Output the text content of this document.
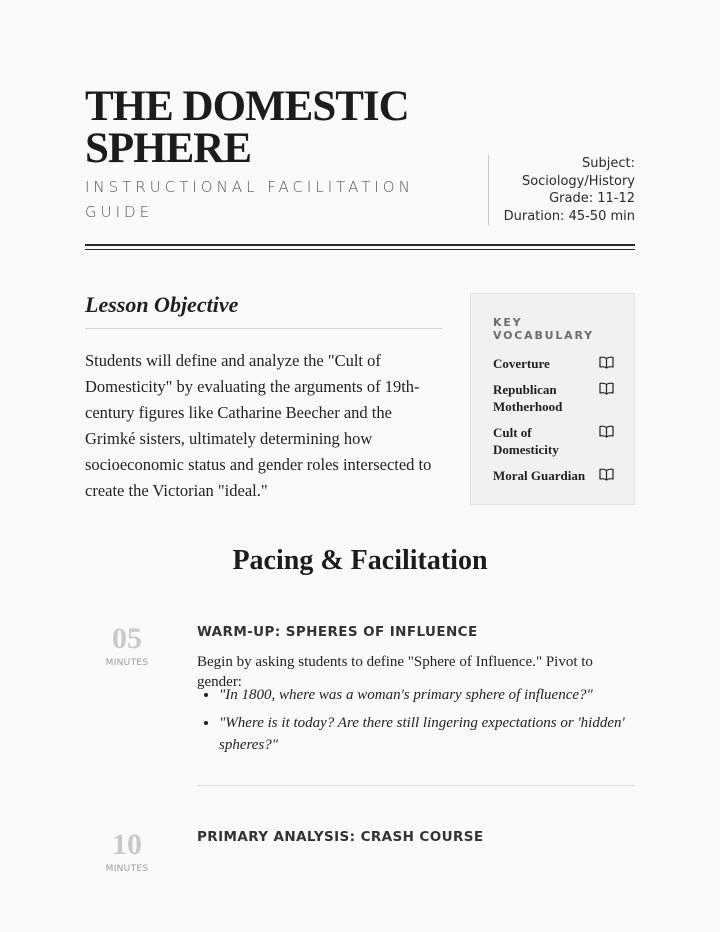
THE DOMESTIC
SPHERE
INSTRUCTIONAL FACILITATION GUIDE
Subject:
Sociology/History
Grade: 11-12
Duration: 45-50 min
Lesson Objective

Students will define and analyze the "Cult of Domesticity" by evaluating the arguments of 19th-century figures like Catharine Beecher and the Grimké sisters, ultimately determining how socioeconomic status and gender roles intersected to create the Victorian "ideal."

KEY VOCABULARY
Coverture
Republican Motherhood
Cult of Domesticity
Moral Guardian
Pacing & Facilitation
05
MINUTES
WARM-UP: SPHERES OF INFLUENCE

Begin by asking students to define "Sphere of Influence." Pivot to gender:

• "In 1800, where was a woman's primary sphere of influence?"
• "Where is it today? Are there still lingering expectations or 'hidden' spheres?"
10
MINUTES
PRIMARY ANALYSIS: CRASH COURSE
